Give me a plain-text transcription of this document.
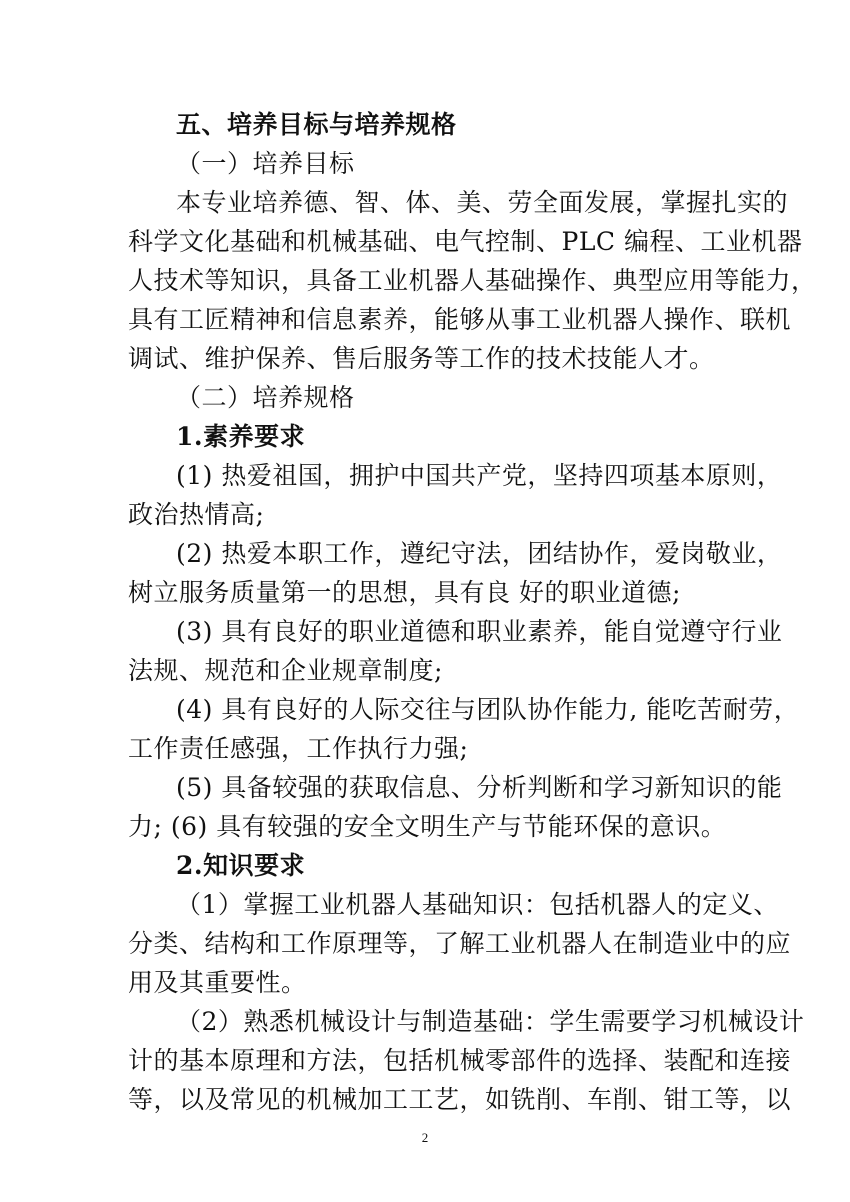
五、培养目标与培养规格
（一）培养目标
本专业培养德、智、体、美、劳全面发展，掌握扎实的
科学文化基础和机械基础、电气控制、PLC 编程、工业机器
人技术等知识，具备工业机器人基础操作、典型应用等能力，
具有工匠精神和信息素养，能够从事工业机器人操作、联机
调试、维护保养、售后服务等工作的技术技能人才。
（二）培养规格
1.素养要求
(1) 热爱祖国，拥护中国共产党，坚持四项基本原则，
政治热情高;
(2) 热爱本职工作，遵纪守法，团结协作，爱岗敬业，
树立服务质量第一的思想，具有良 好的职业道德;
(3) 具有良好的职业道德和职业素养，能自觉遵守行业
法规、规范和企业规章制度;
(4) 具有良好的人际交往与团队协作能力, 能吃苦耐劳，
工作责任感强，工作执行力强;
(5) 具备较强的获取信息、分析判断和学习新知识的能
力; (6) 具有较强的安全文明生产与节能环保的意识。
2.知识要求
（1）掌握工业机器人基础知识：包括机器人的定义、
分类、结构和工作原理等，了解工业机器人在制造业中的应
用及其重要性。
（2）熟悉机械设计与制造基础：学生需要学习机械设计
计的基本原理和方法，包括机械零部件的选择、装配和连接
等，以及常见的机械加工工艺，如铣削、车削、钳工等，以
2
